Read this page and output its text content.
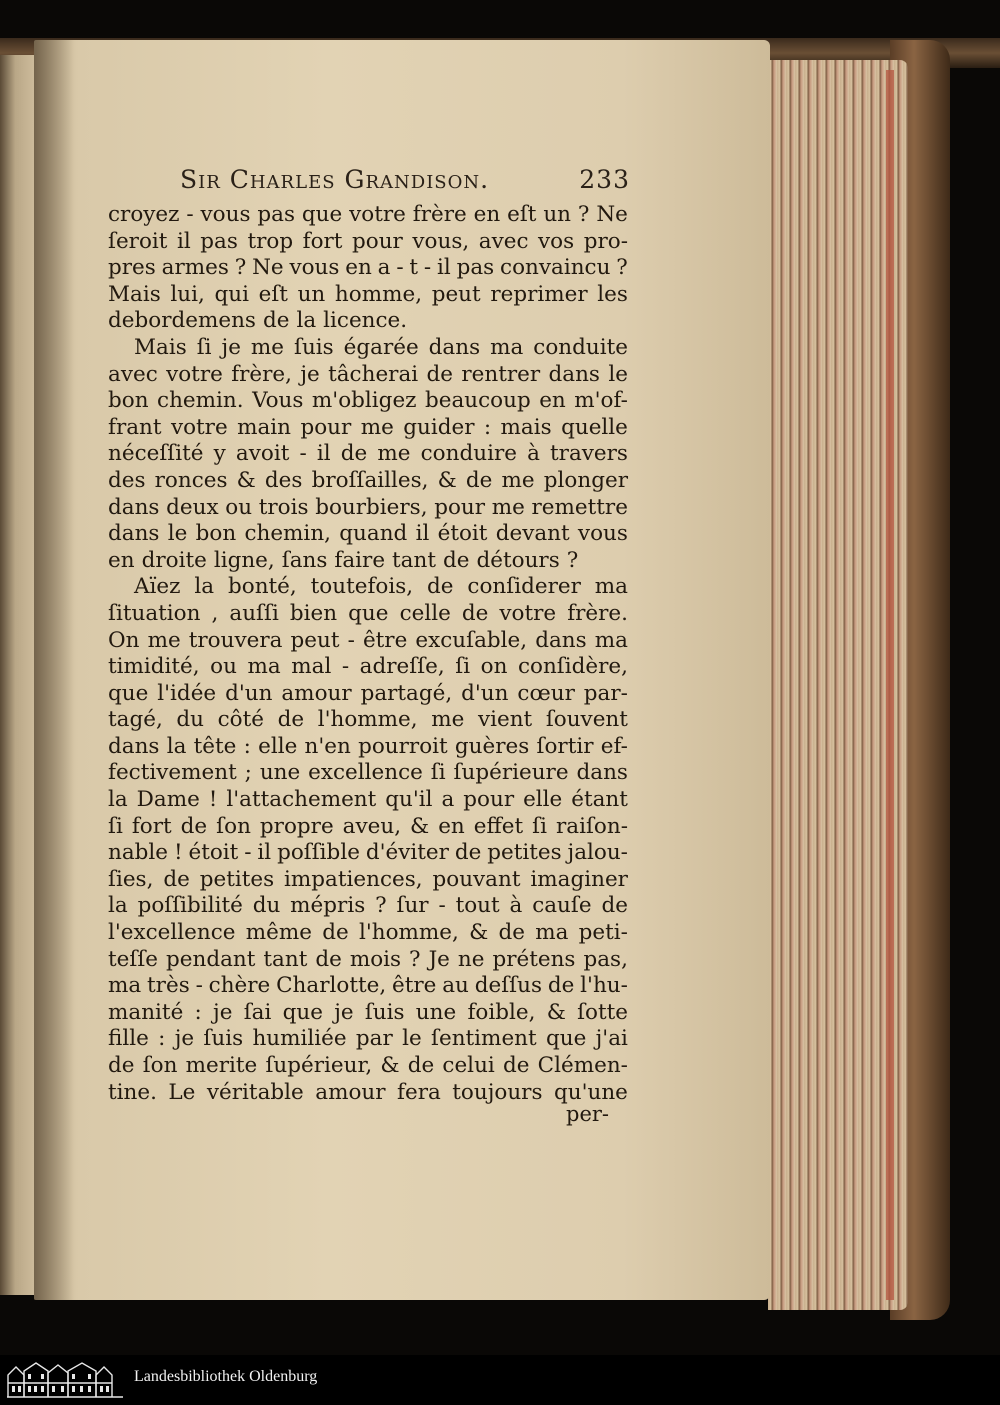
Sir Charles Grandison.	233
croyez - vous pas que votre frère en eſt un ? Ne
ſeroit il pas trop fort pour vous, avec vos pro-
pres armes ? Ne vous en a - t - il pas convaincu ?
Mais lui, qui eſt un homme, peut reprimer les
debordemens de la licence.
Mais ſi je me ſuis égarée dans ma conduite
avec votre frère, je tâcherai de rentrer dans le
bon chemin. Vous m'obligez beaucoup en m'of-
frant votre main pour me guider : mais quelle
néceſſité y avoit - il de me conduire à travers
des ronces & des broſſailles, & de me plonger
dans deux ou trois bourbiers, pour me remettre
dans le bon chemin, quand il étoit devant vous
en droite ligne, ſans faire tant de détours ?
Aïez la bonté, toutefois, de conſiderer ma
ſituation , auſſi bien que celle de votre frère.
On me trouvera peut - être excuſable, dans ma
timidité, ou ma mal - adreſſe, ſi on conſidère,
que l'idée d'un amour partagé, d'un cœur par-
tagé, du côté de l'homme, me vient ſouvent
dans la tête : elle n'en pourroit guères ſortir ef-
fectivement ; une excellence ſi ſupérieure dans
la Dame ! l'attachement qu'il a pour elle étant
ſi fort de ſon propre aveu, & en effet ſi raiſon-
nable ! étoit - il poſſible d'éviter de petites jalou-
ſies, de petites impatiences, pouvant imaginer
la poſſibilité du mépris ? ſur - tout à cauſe de
l'excellence même de l'homme, & de ma peti-
teſſe pendant tant de mois ? Je ne prétens pas,
ma très - chère Charlotte, être au deſſus de l'hu-
manité : je ſai que je ſuis une foible, & ſotte
fille : je ſuis humiliée par le ſentiment que j'ai
de ſon merite ſupérieur, & de celui de Clémen-
tine. Le véritable amour fera toujours qu'une
per-
Landesbibliothek Oldenburg
